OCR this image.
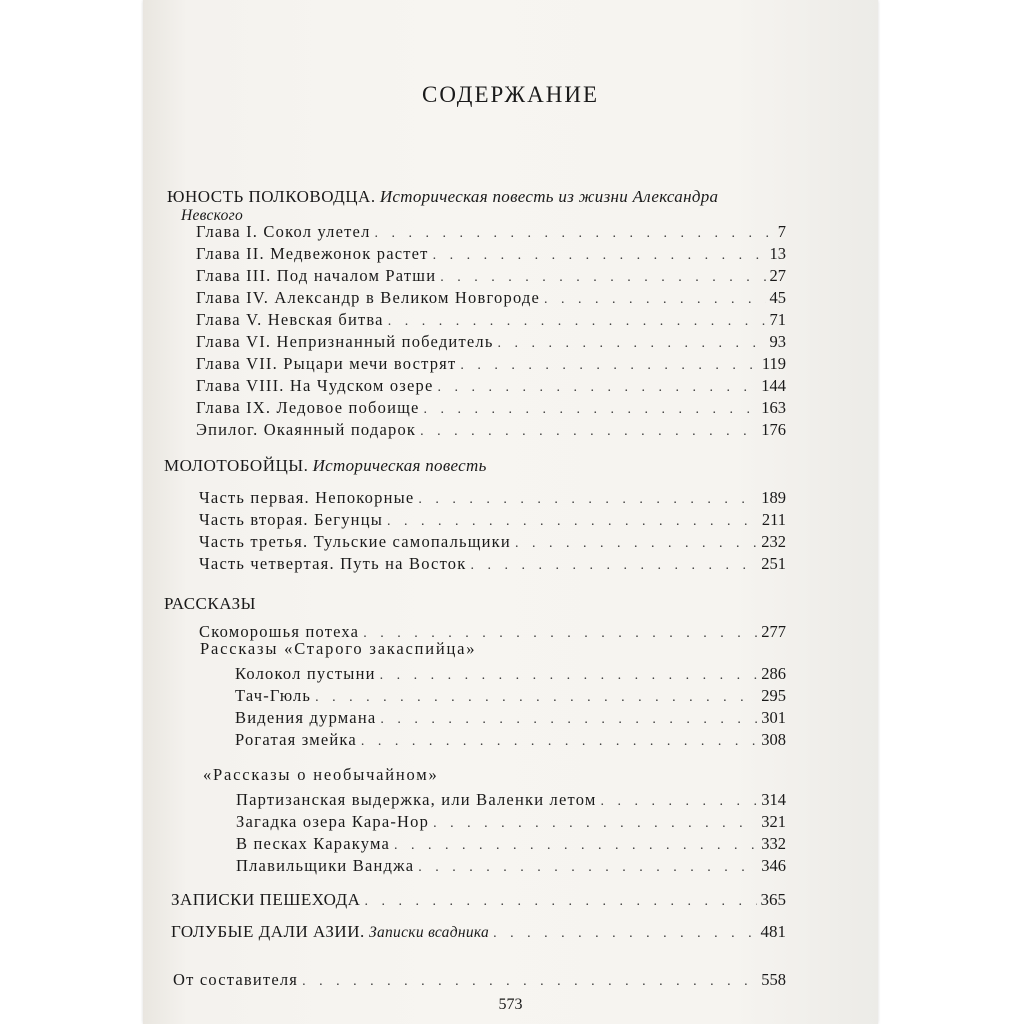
СОДЕРЖАНИЕ
ЮНОСТЬ ПОЛКОВОДЦА. Историческая повесть из жизни Александра
Невского
Глава I. Сокол улетел . . .	7
Глава II. Медвежонок растет . . .	13
Глава III. Под началом Ратши . . .	27
Глава IV. Александр в Великом Новгороде . . .	45
Глава V. Невская битва . . .	71
Глава VI. Непризнанный победитель . . .	93
Глава VII. Рыцари мечи вострят . . .	119
Глава VIII. На Чудском озере . . .	144
Глава IX. Ледовое побоище . . .	163
Эпилог. Окаянный подарок . . .	176
МОЛОТОБОЙЦЫ. Историческая повесть
Часть первая. Непокорные . . .	189
Часть вторая. Бегунцы . . .	211
Часть третья. Тульские самопальщики . . .	232
Часть четвертая. Путь на Восток . . .	251
РАССКАЗЫ
Скоморошья потеха . . .	277
Рассказы «Старого закаспийца»
Колокол пустыни . . .	286
Тач-Гюль . . .	295
Видения дурмана . . .	301
Рогатая змейка . . .	308
«Рассказы о необычайном»
Партизанская выдержка, или Валенки летом . . .	314
Загадка озера Кара-Нор . . .	321
В песках Каракума . . .	332
Плавильщики Ванджа . . .	346
ЗАПИСКИ ПЕШЕХОДА . . .	365
ГОЛУБЫЕ ДАЛИ АЗИИ.
Записки всадника . . .	481
От составителя . . .	558
573
